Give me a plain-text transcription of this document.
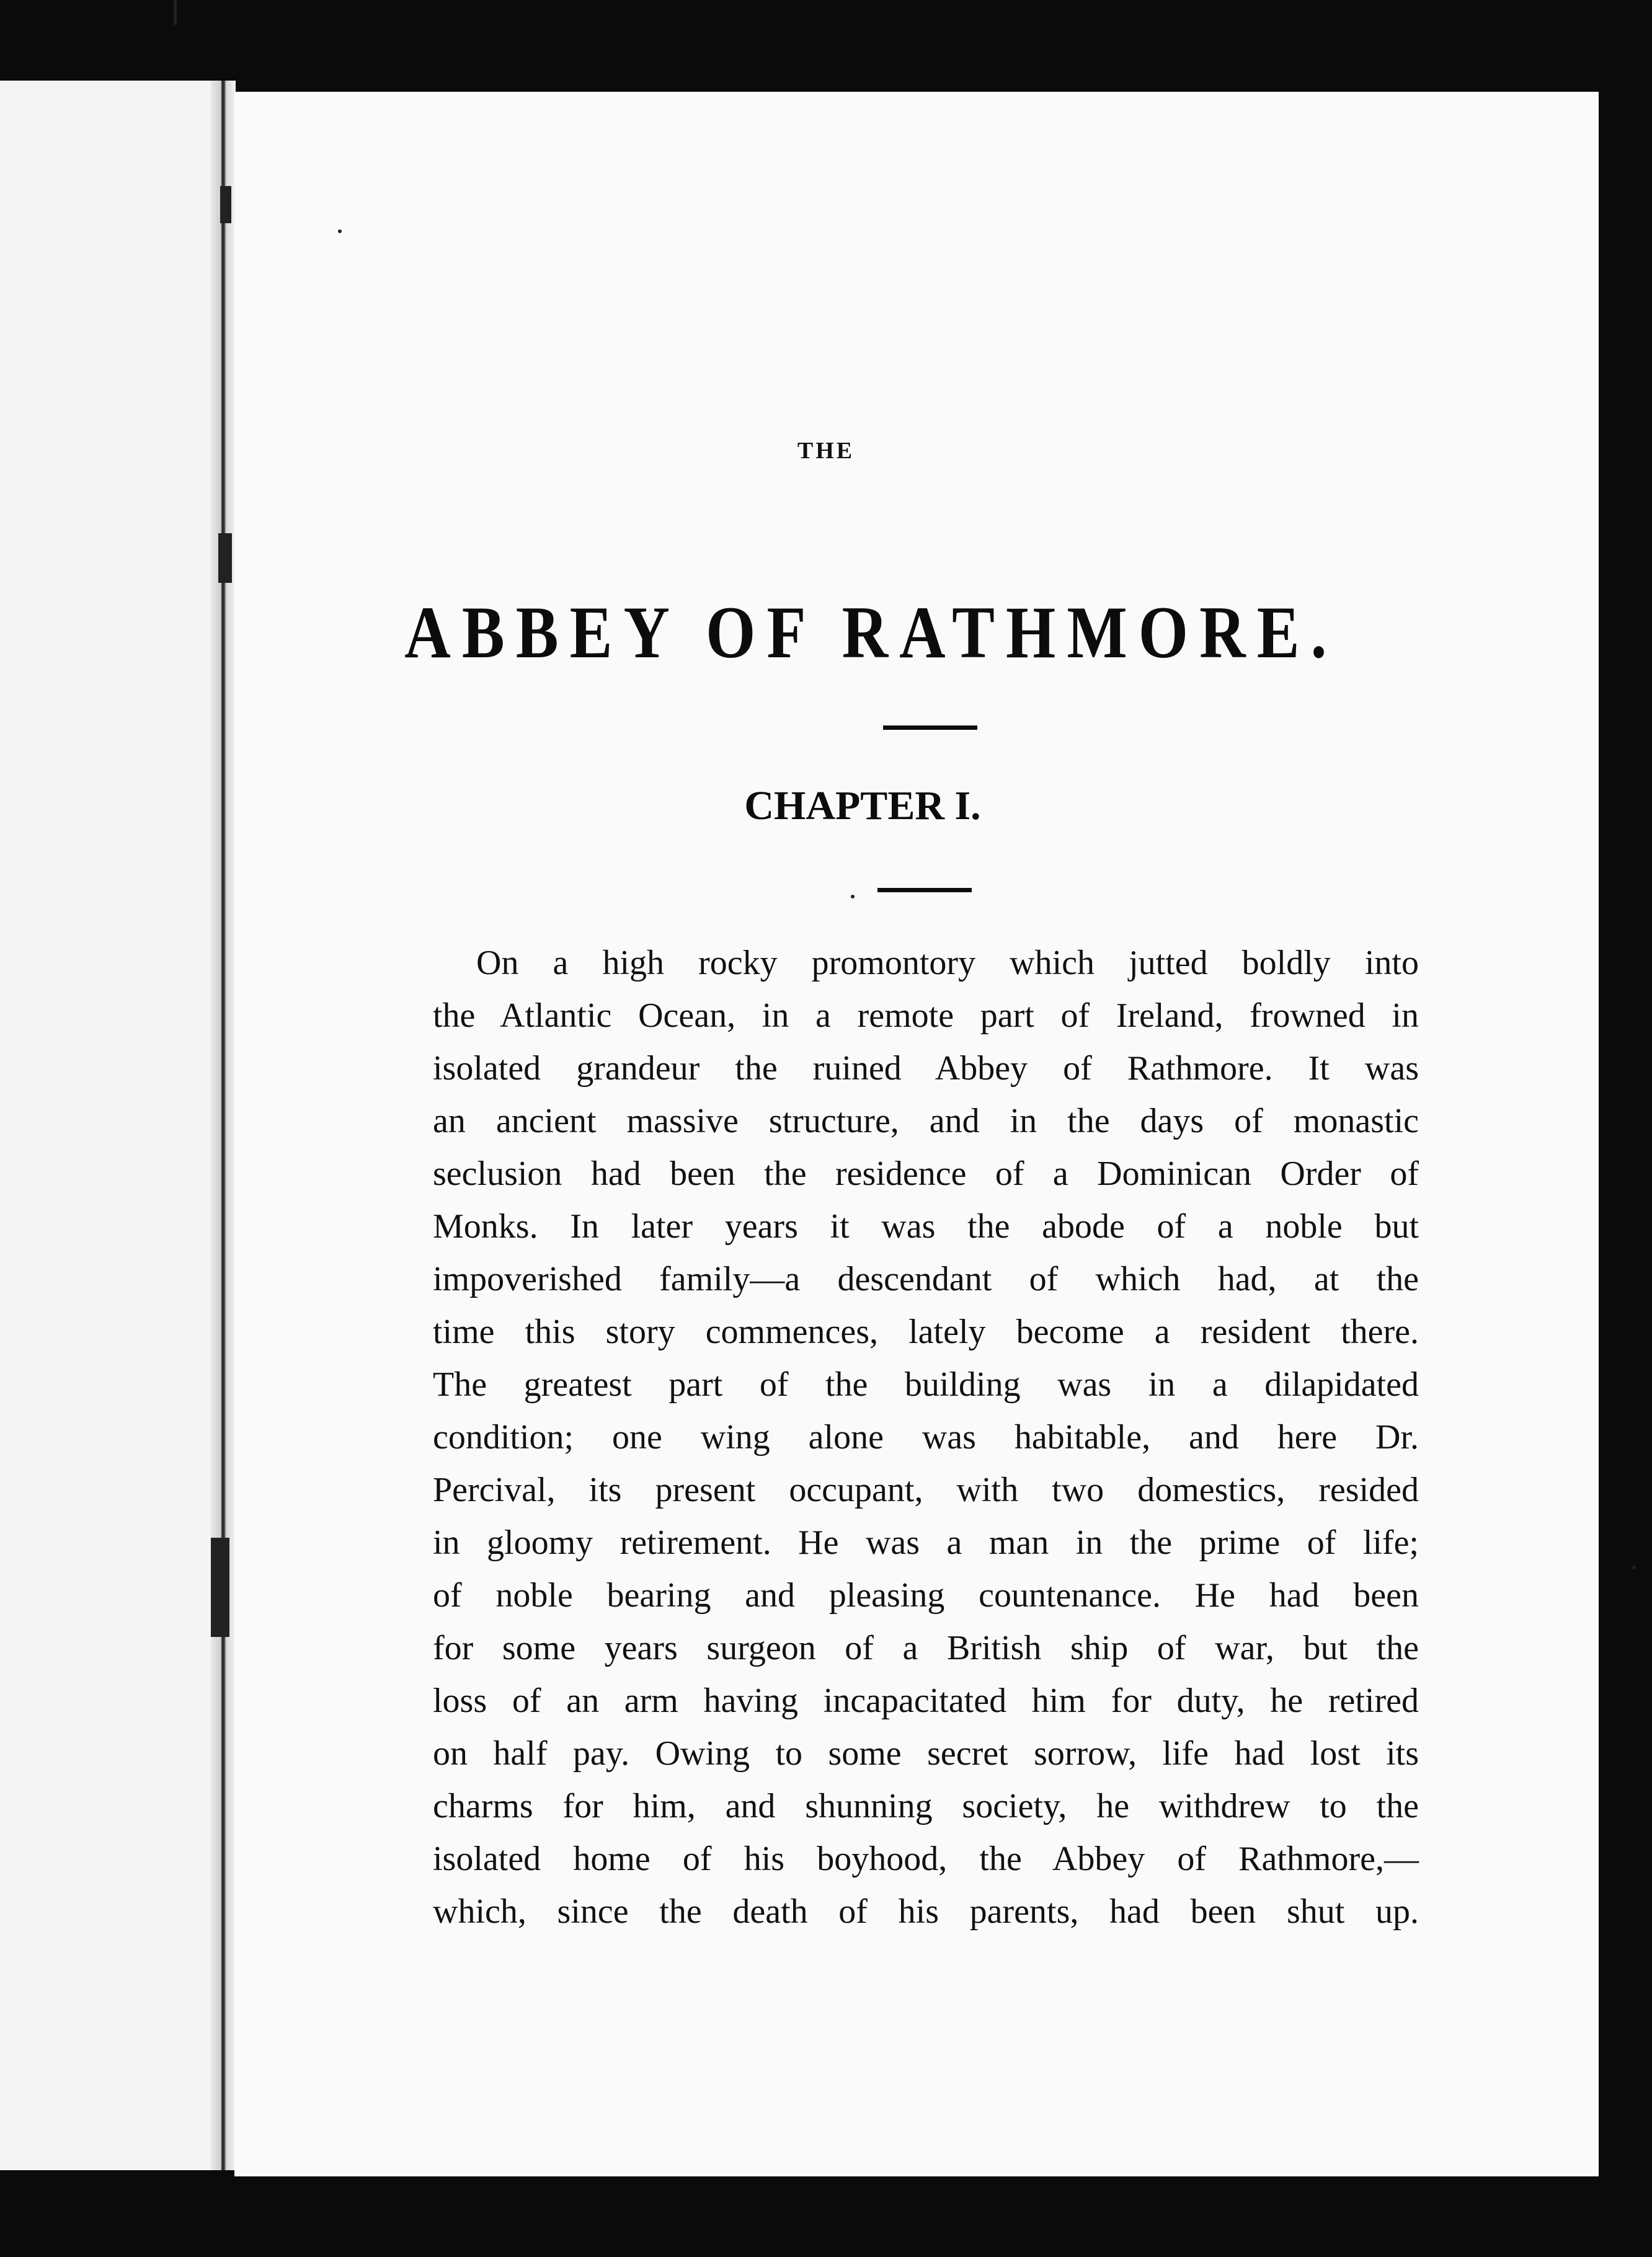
THE
ABBEY OF RATHMORE.
CHAPTER I.
On a high rocky promontory which jutted boldly into
the Atlantic Ocean, in a remote part of Ireland, frowned in
isolated grandeur the ruined Abbey of Rathmore. It was
an ancient massive structure, and in the days of monastic
seclusion had been the residence of a Dominican Order of
Monks. In later years it was the abode of a noble but
impoverished family—a descendant of which had, at the
time this story commences, lately become a resident there.
The greatest part of the building was in a dilapidated
condition; one wing alone was habitable, and here Dr.
Percival, its present occupant, with two domestics, resided
in gloomy retirement. He was a man in the prime of life;
of noble bearing and pleasing countenance. He had been
for some years surgeon of a British ship of war, but the
loss of an arm having incapacitated him for duty, he retired
on half pay. Owing to some secret sorrow, life had lost its
charms for him, and shunning society, he withdrew to the
isolated home of his boyhood, the Abbey of Rathmore,—
which, since the death of his parents, had been shut up.
